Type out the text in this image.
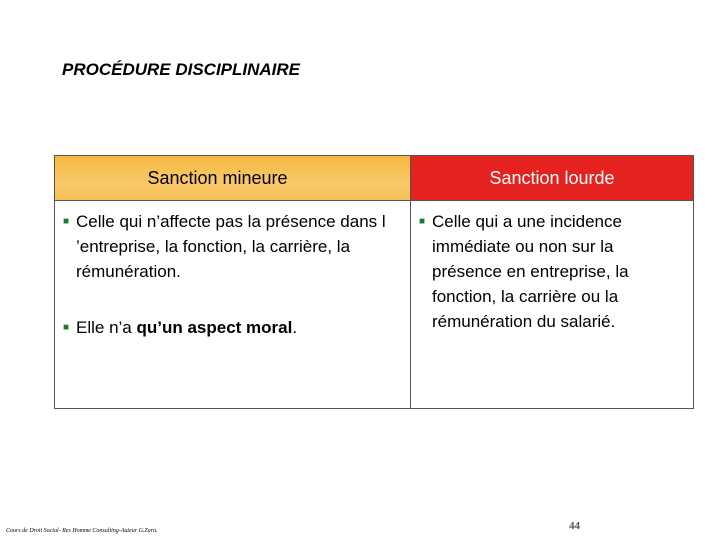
PROCÉDURE DISCIPLINAIRE
Sanction mineure	Sanction lourde
■ Celle qui n’affecte pas la présence dans l ’entreprise, la fonction, la carrière, la rémunération.
■ Elle n’a qu’un aspect moral.
■ Celle qui a une incidence immédiate ou non sur la présence en entreprise, la fonction, la carrière ou la rémunération du salarié.
Cours de Droit Social- Res Homme Consulting-Auteur G.Zara.	44
